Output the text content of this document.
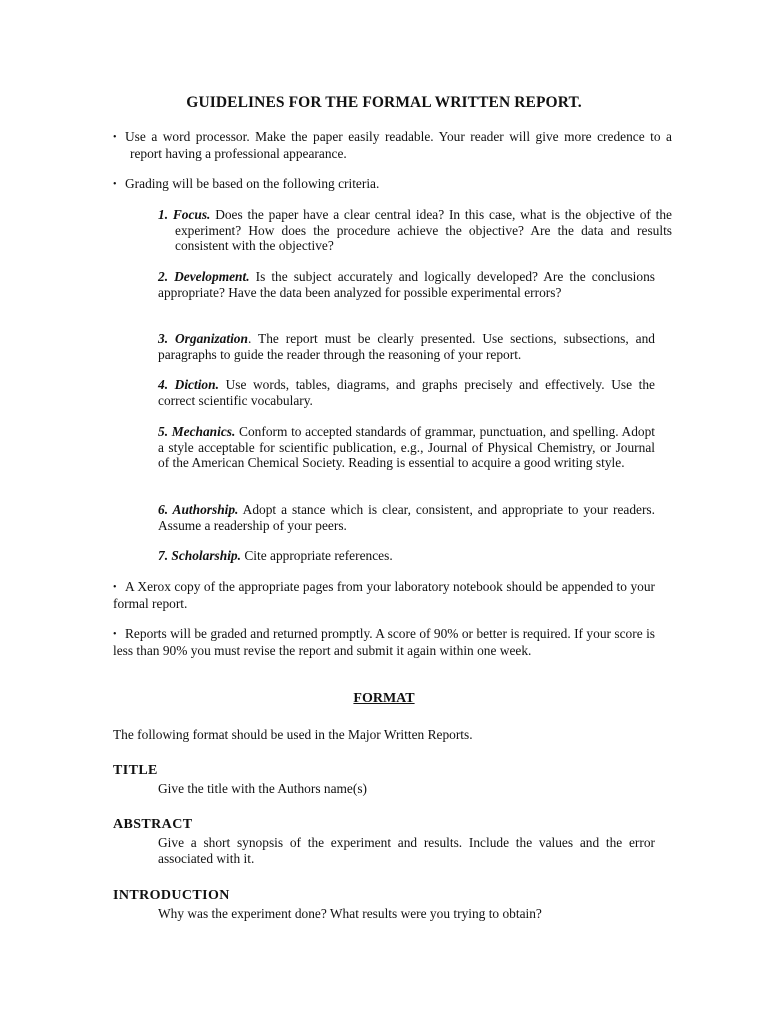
GUIDELINES FOR THE FORMAL WRITTEN REPORT.
• Use a word processor. Make the paper easily readable. Your reader will give more credence to a report having a professional appearance.
• Grading will be based on the following criteria.
1. Focus. Does the paper have a clear central idea? In this case, what is the objective of the experiment? How does the procedure achieve the objective? Are the data and results consistent with the objective?
2. Development. Is the subject accurately and logically developed? Are the conclusions appropriate? Have the data been analyzed for possible experimental errors?
3. Organization. The report must be clearly presented. Use sections, subsections, and paragraphs to guide the reader through the reasoning of your report.
4. Diction. Use words, tables, diagrams, and graphs precisely and effectively. Use the correct scientific vocabulary.
5. Mechanics. Conform to accepted standards of grammar, punctuation, and spelling. Adopt a style acceptable for scientific publication, e.g., Journal of Physical Chemistry, or Journal of the American Chemical Society. Reading is essential to acquire a good writing style.
6. Authorship. Adopt a stance which is clear, consistent, and appropriate to your readers. Assume a readership of your peers.
7. Scholarship. Cite appropriate references.
• A Xerox copy of the appropriate pages from your laboratory notebook should be appended to your formal report.
• Reports will be graded and returned promptly. A score of 90% or better is required. If your score is less than 90% you must revise the report and submit it again within one week.
FORMAT
The following format should be used in the Major Written Reports.
TITLE
Give the title with the Authors name(s)
ABSTRACT
Give a short synopsis of the experiment and results. Include the values and the error associated with it.
INTRODUCTION
Why was the experiment done? What results were you trying to obtain?
